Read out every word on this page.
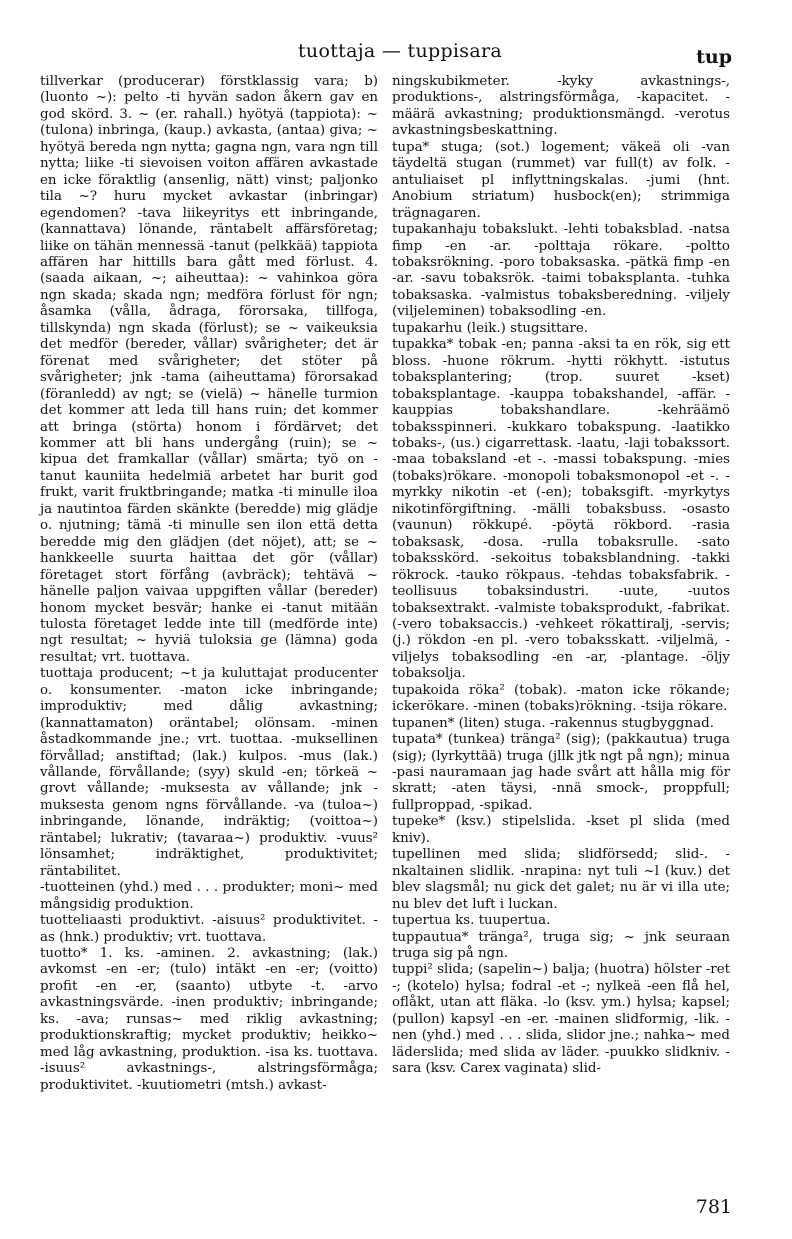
tuottaja — tuppisara	tup

tillverkar (producerar) förstklassig vara; b) (luonto ~): pelto -ti hyvän sadon åkern gav en god skörd. 3. ~ (er. rahall.) hyötyä (tappiota): ~ (tulona) inbringa, (kaup.) avkasta, (antaa) giva; ~ hyötyä bereda ngn nytta; gagna ngn, vara ngn till nytta; liike -ti sievoisen voiton affären avkastade en icke föraktlig (ansenlig, nätt) vinst; paljonko tila ~? huru mycket avkastar (inbringar) egendomen? -tava liikeyritys ett inbringande, (kannattava) lönande, räntabelt affärsföretag; liike on tähän mennessä -tanut (pelkkää) tappiota affären har hittills bara gått med förlust. 4. (saada aikaan, ~; aiheuttaa): ~ vahinkoa göra ngn skada; skada ngn; medföra förlust för ngn; åsamka (vålla, ådraga, förorsaka, tillfoga, tillskynda) ngn skada (förlust); se ~ vaikeuksia det medför (bereder, vållar) svårigheter; det är förenat med svårigheter; det stöter på svårigheter; jnk -tama (aiheuttama) förorsakad (föranledd) av ngt; se (vielä) ~ hänelle turmion det kommer att leda till hans ruin; det kommer att bringa (störta) honom i fördärvet; det kommer att bli hans undergång (ruin); se ~ kipua det framkallar (vållar) smärta; työ on -tanut kauniita hedelmiä arbetet har burit god frukt, varit fruktbringande; matka -ti minulle iloa ja nautintoa färden skänkte (beredde) mig glädje o. njutning; tämä -ti minulle sen ilon että detta beredde mig den glädjen (det nöjet), att; se ~ hankkeelle suurta haittaa det gör (vållar) företaget stort förfång (avbräck); tehtävä ~ hänelle paljon vaivaa uppgiften vållar (bereder) honom mycket besvär; hanke ei -tanut mitään tulosta företaget ledde inte till (medförde inte) ngt resultat; ~ hyviä tuloksia ge (lämna) goda resultat; vrt. tuottava.

tuottaja producent; ~t ja kuluttajat producenter o. konsumenter. -maton icke inbringande; improduktiv; med dålig avkastning; (kannattamaton) oräntabel; olönsam. -minen åstadkommande jne.; vrt. tuottaa. -muksellinen förvållad; anstiftad; (lak.) kulpos. -mus (lak.) vållande, förvållande; (syy) skuld -en; törkeä ~ grovt vållande; -muksesta av vållande; jnk -muksesta genom ngns förvållande. -va (tuloa~) inbringande, lönande, indräktig; (voittoa~) räntabel; lukrativ; (tavaraa~) produktiv. -vuus² lönsamhet; indräktighet, produktivitet; räntabilitet.

-tuotteinen (yhd.) med . . . produkter; moni~ med mångsidig produktion.

tuotteliaasti produktivt. -aisuus² produktivitet. -as (hnk.) produktiv; vrt. tuottava.

tuotto* 1. ks. -aminen. 2. avkastning; (lak.) avkomst -en -er; (tulo) intäkt -en -er; (voitto) profit -en -er, (saanto) utbyte -t. -arvo avkastningsvärde. -inen produktiv; inbringande; ks. -ava; runsas~ med riklig avkastning; produktionskraftig; mycket produktiv; heikko~ med låg avkastning, produktion. -isa ks. tuottava. -isuus² avkastnings-, alstringsförmåga; produktivitet. -kuutiometri (mtsh.) avkast-

ningskubikmeter. -kyky avkastnings-, produktions-, alstringsförmåga, -kapacitet. -määrä avkastning; produktionsmängd. -verotus avkastningsbeskattning.

tupa* stuga; (sot.) logement; väkeä oli -van täydeltä stugan (rummet) var full(t) av folk. -antuliaiset pl inflyttningskalas. -jumi (hnt. Anobium striatum) husbock(en); strimmiga trägnagaren.

tupakanhaju tobakslukt. -lehti tobaksblad. -natsa fimp -en -ar. -polttaja rökare. -poltto tobaksrökning. -poro tobaksaska. -pätkä fimp -en -ar. -savu tobaksrök. -taimi tobaksplanta. -tuhka tobaksaska. -valmistus tobaksberedning. -viljely (viljeleminen) tobaksodling -en.

tupakarhu (leik.) stugsittare.

tupakka* tobak -en; panna -aksi ta en rök, sig ett bloss. -huone rökrum. -hytti rökhytt. -istutus tobaksplantering; (trop. suuret -kset) tobaksplantage. -kauppa tobakshandel, -affär. -kauppias tobakshandlare. -kehräämö tobaksspinneri. -kukkaro tobakspung. -laatikko tobaks-, (us.) cigarrettask. -laatu, -laji tobakssort. -maa tobaksland -et -. -massi tobakspung. -mies (tobaks)rökare. -monopoli tobaksmonopol -et -. -myrkky nikotin -et (-en); tobaksgift. -myrkytys nikotinförgiftning. -mälli tobaksbuss. -osasto (vaunun) rökkupé. -pöytä rökbord. -rasia tobaksask, -dosa. -rulla tobaksrulle. -sato tobaksskörd. -sekoitus tobaksblandning. -takki rökrock. -tauko rökpaus. -tehdas tobaksfabrik. -teollisuus tobaksindustri. -uute, -uutos tobaksextrakt. -valmiste tobaksprodukt, -fabrikat. (-vero tobaksaccis.) -vehkeet rökattiralj, -servis; (j.) rökdon -en pl. -vero tobaksskatt. -viljelmä, -viljelys tobaksodling -en -ar, -plantage. -öljy tobaksolja.

tupakoida röka² (tobak). -maton icke rökande; ickerökare. -minen (tobaks)rökning. -tsija rökare.

tupanen* (liten) stuga. -rakennus stugbyggnad.

tupata* (tunkea) tränga² (sig); (pakkautua) truga (sig); (lyrkyttää) truga (jllk jtk ngt på ngn); minua -pasi nauramaan jag hade svårt att hålla mig för skratt; -aten täysi, -nnä smock-, proppfull; fullproppad, -spikad.

tupeke* (ksv.) stipelslida. -kset pl slida (med kniv).

tupellinen med slida; slidförsedd; slid-. -nkaltainen slidlik. -nrapina: nyt tuli ~l (kuv.) det blev slagsmål; nu gick det galet; nu är vi illa ute; nu blev det luft i luckan.

tupertua ks. tuupertua.

tuppautua* tränga², truga sig; ~ jnk seuraan truga sig på ngn.

tuppi² slida; (sapelin~) balja; (huotra) hölster -ret -; (kotelo) hylsa; fodral -et -; nylkeä -een flå hel, oflåkt, utan att fläka. -lo (ksv. ym.) hylsa; kapsel; (pullon) kapsyl -en -er. -mainen slidformig, -lik. -nen (yhd.) med . . . slida, slidor jne.; nahka~ med läderslida; med slida av läder. -puukko slidkniv. -sara (ksv. Carex vaginata) slid-

781
